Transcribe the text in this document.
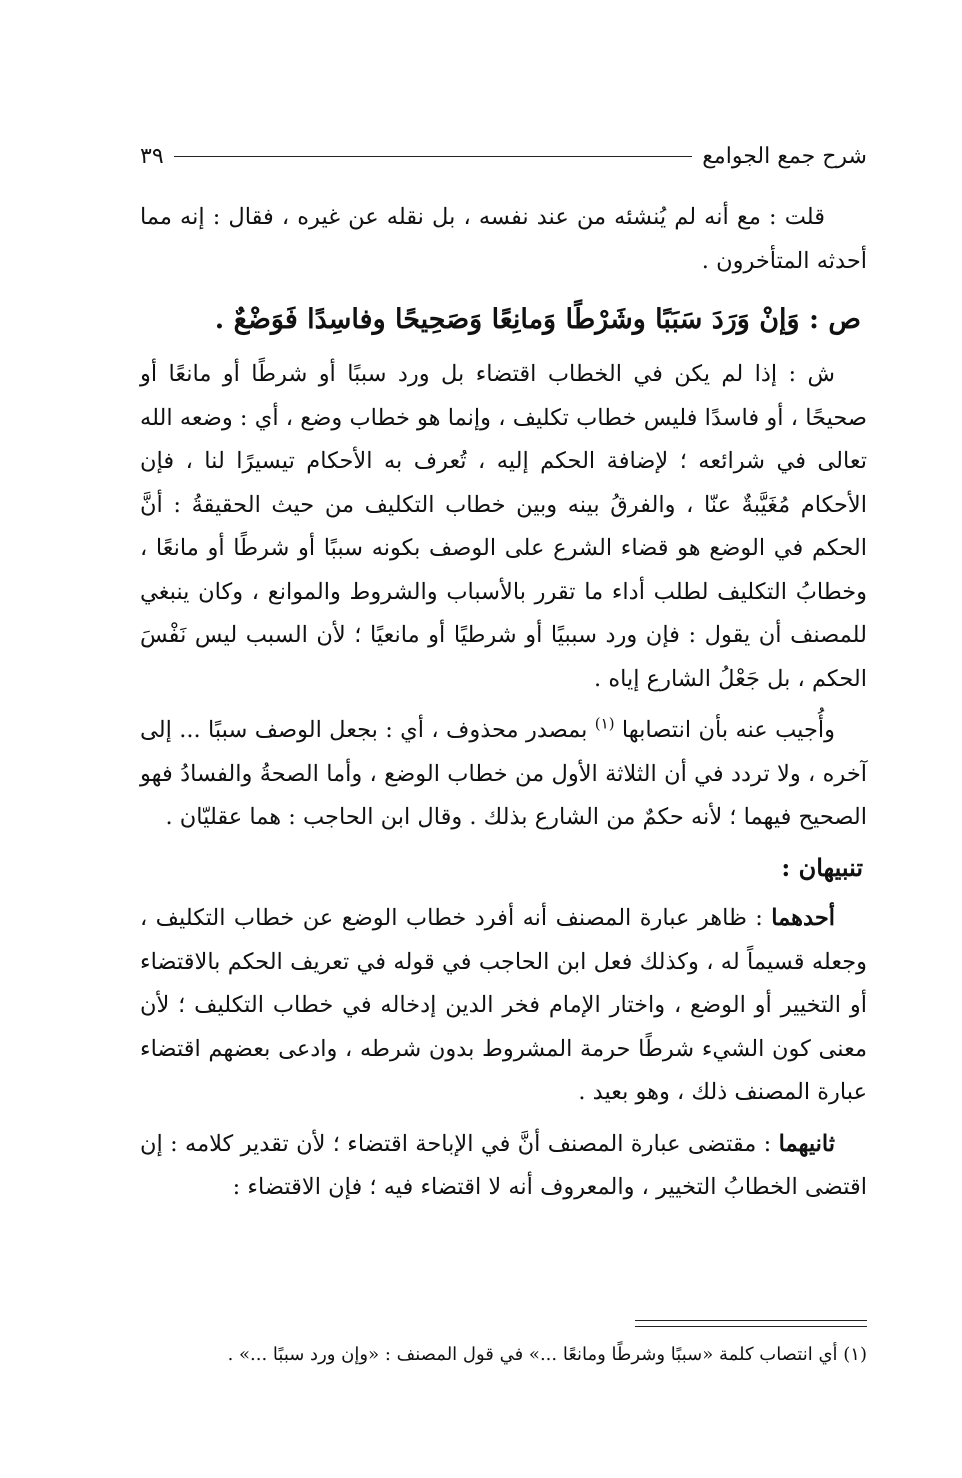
شرح جمع الجوامع
٣٩

قلت : مع أنه لم يُنشئه من عند نفسه ، بل نقله عن غيره ، فقال : إنه مما أحدثه المتأخرون .

ص : وَإنْ وَرَدَ سَبَبًا وشَرْطًا وَمانِعًا وَصَحِيحًا وفاسِدًا فَوَضْعٌ .

ش : إذا لم يكن في الخطاب اقتضاء بل ورد سببًا أو شرطًا أو مانعًا أو صحيحًا ، أو فاسدًا فليس خطاب تكليف ، وإنما هو خطاب وضع ، أي : وضعه الله تعالى في شرائعه ؛ لإضافة الحكم إليه ، تُعرف به الأحكام تيسيرًا لنا ، فإن الأحكام مُغَيَّبةٌ عنّا ، والفرقُ بينه وبين خطاب التكليف من حيث الحقيقةُ : أنَّ الحكم في الوضع هو قضاء الشرع على الوصف بكونه سببًا أو شرطًا أو مانعًا ، وخطابُ التكليف لطلب أداء ما تقرر بالأسباب والشروط والموانع ، وكان ينبغي للمصنف أن يقول : فإن ورد سببيًا أو شرطيًا أو مانعيًا ؛ لأن السبب ليس نَفْسَ الحكم ، بل جَعْلُ الشارع إياه .

وأُجيب عنه بأن انتصابها $^{(١)}$ بمصدر محذوف ، أي : بجعل الوصف سببًا ... إلى آخره ، ولا تردد في أن الثلاثة الأول من خطاب الوضع ، وأما الصحةُ والفسادُ فهو الصحيح فيهما ؛ لأنه حكمٌ من الشارع بذلك . وقال ابن الحاجب : هما عقليّان .

تنبيهان :

أحدهما : ظاهر عبارة المصنف أنه أفرد خطاب الوضع عن خطاب التكليف ، وجعله قسيماً له ، وكذلك فعل ابن الحاجب في قوله في تعريف الحكم بالاقتضاء أو التخيير أو الوضع ، واختار الإمام فخر الدين إدخاله في خطاب التكليف ؛ لأن معنى كون الشيء شرطًا حرمة المشروط بدون شرطه ، وادعى بعضهم اقتضاء عبارة المصنف ذلك ، وهو بعيد .

ثانيهما : مقتضى عبارة المصنف أنَّ في الإباحة اقتضاء ؛ لأن تقدير كلامه : إن اقتضى الخطابُ التخيير ، والمعروف أنه لا اقتضاء فيه ؛ فإن الاقتضاء :

(١) أي انتصاب كلمة «سببًا وشرطًا ومانعًا ...» في قول المصنف : «وإن ورد سببًا ...» .
